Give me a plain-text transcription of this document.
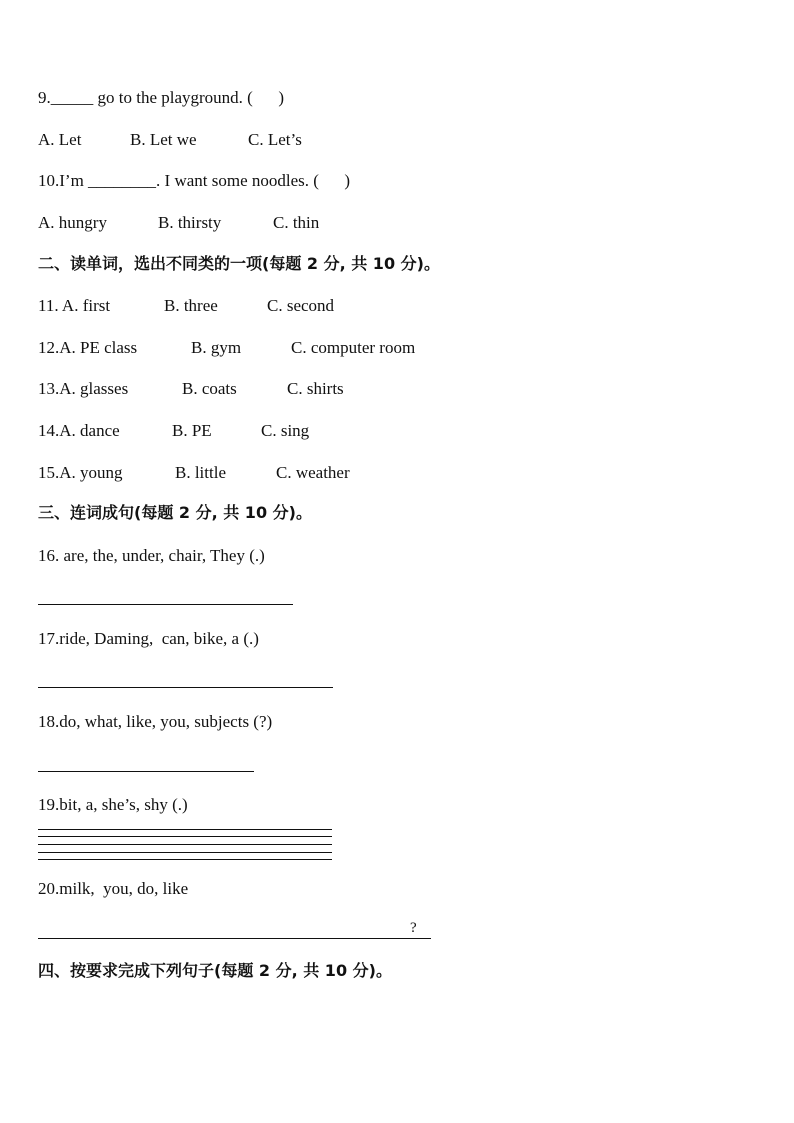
9._____ go to the playground. (      )
A. Let	B. Let we	C. Let’s
10.I’m ________. I want some noodles. (      )
A. hungry	B. thirsty	C. thin
二、读单词，选出不同类的一项(每题 2 分, 共 10 分)。
11. A. first	B. three	C. second
12.A. PE class	B. gym	C. computer room
13.A. glasses	B. coats	C. shirts
14.A. dance	B. PE	C. sing
15.A. young	B. little	C. weather
三、连词成句(每题 2 分, 共 10 分)。
16. are, the, under, chair, They (.)
17.ride, Daming,  can, bike, a (.)
18.do, what, like, you, subjects (?)
19.bit, a, she’s, shy (.)
20.milk,  you, do, like
?
四、按要求完成下列句子(每题 2 分, 共 10 分)。
